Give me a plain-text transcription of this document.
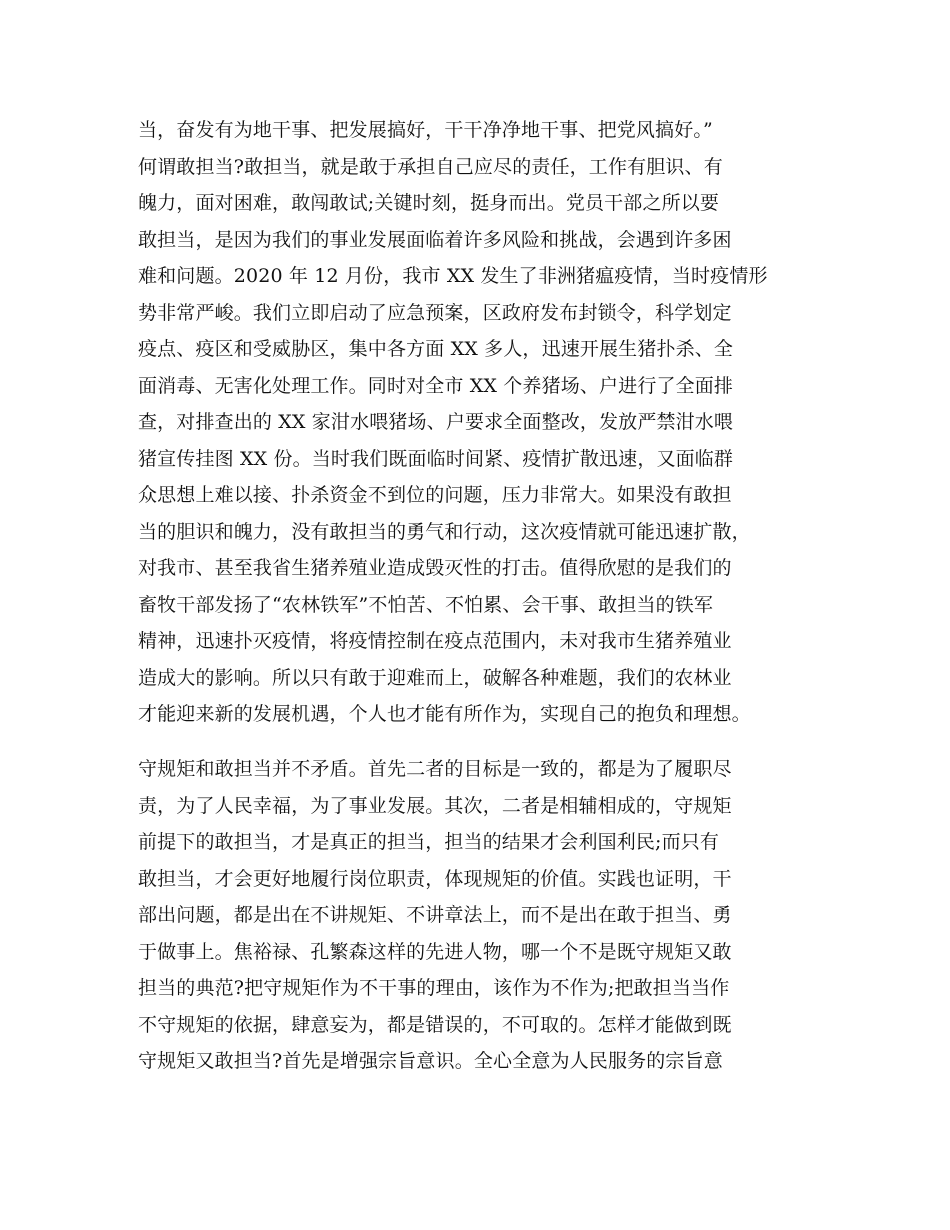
当，奋发有为地干事、把发展搞好，干干净净地干事、把党风搞好。”
何谓敢担当?敢担当，就是敢于承担自己应尽的责任，工作有胆识、有
魄力，面对困难，敢闯敢试;关键时刻，挺身而出。党员干部之所以要
敢担当，是因为我们的事业发展面临着许多风险和挑战，会遇到许多困
难和问题。2020 年 12 月份，我市 XX 发生了非洲猪瘟疫情，当时疫情形
势非常严峻。我们立即启动了应急预案，区政府发布封锁令，科学划定
疫点、疫区和受威胁区，集中各方面 XX 多人，迅速开展生猪扑杀、全
面消毒、无害化处理工作。同时对全市 XX 个养猪场、户进行了全面排
查，对排查出的 XX 家泔水喂猪场、户要求全面整改，发放严禁泔水喂
猪宣传挂图 XX 份。当时我们既面临时间紧、疫情扩散迅速，又面临群
众思想上难以接、扑杀资金不到位的问题，压力非常大。如果没有敢担
当的胆识和魄力，没有敢担当的勇气和行动，这次疫情就可能迅速扩散，
对我市、甚至我省生猪养殖业造成毁灭性的打击。值得欣慰的是我们的
畜牧干部发扬了“农林铁军”不怕苦、不怕累、会干事、敢担当的铁军
精神，迅速扑灭疫情，将疫情控制在疫点范围内，未对我市生猪养殖业
造成大的影响。所以只有敢于迎难而上，破解各种难题，我们的农林业
才能迎来新的发展机遇，个人也才能有所作为，实现自己的抱负和理想。
守规矩和敢担当并不矛盾。首先二者的目标是一致的，都是为了履职尽
责，为了人民幸福，为了事业发展。其次，二者是相辅相成的，守规矩
前提下的敢担当，才是真正的担当，担当的结果才会利国利民;而只有
敢担当，才会更好地履行岗位职责，体现规矩的价值。实践也证明，干
部出问题，都是出在不讲规矩、不讲章法上，而不是出在敢于担当、勇
于做事上。焦裕禄、孔繁森这样的先进人物，哪一个不是既守规矩又敢
担当的典范?把守规矩作为不干事的理由，该作为不作为;把敢担当当作
不守规矩的依据，肆意妄为，都是错误的，不可取的。怎样才能做到既
守规矩又敢担当?首先是增强宗旨意识。全心全意为人民服务的宗旨意
